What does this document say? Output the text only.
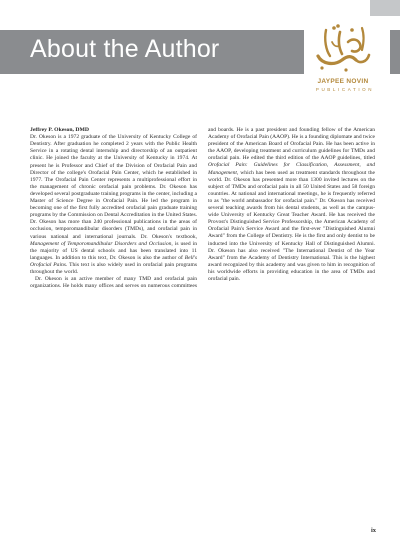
About the Author
JAYPEE NOVIN
PUBLICATION
Jeffrey P. Okeson, DMD

Dr. Okeson is a 1972 graduate of the University of Kentucky College of Dentistry. After graduation he completed 2 years with the Public Health Service in a rotating dental internship and directorship of an outpatient clinic. He joined the faculty at the University of Kentucky in 1974. At present he is Professor and Chief of the Division of Orofacial Pain and Director of the college's Orofacial Pain Center, which he established in 1977. The Orofacial Pain Center represents a multiprofessional effort in the management of chronic orofacial pain problems. Dr. Okeson has developed several postgraduate training programs in the center, including a Master of Science Degree in Orofacial Pain. He led the program in becoming one of the first fully accredited orofacial pain graduate training programs by the Commission on Dental Accreditation in the United States. Dr. Okeson has more than 240 professional publications in the areas of occlusion, temporomandibular disorders (TMDs), and orofacial pain in various national and international journals. Dr. Okeson's textbook, Management of Temporomandibular Disorders and Occlusion, is used in the majority of US dental schools and has been translated into 11 languages. In addition to this text, Dr. Okeson is also the author of Bell's Orofacial Pains. This text is also widely used in orofacial pain programs throughout the world.

Dr. Okeson is an active member of many TMD and orofacial pain organizations. He holds many offices and serves on numerous committees and boards. He is a past president and founding fellow of the American Academy of Orofacial Pain (AAOP). He is a founding diplomate and twice president of the American Board of Orofacial Pain. He has been active in the AAOP, developing treatment and curriculum guidelines for TMDs and orofacial pain. He edited the third edition of the AAOP guidelines, titled Orofacial Pain: Guidelines for Classification, Assessment, and Management, which has been used as treatment standards throughout the world. Dr. Okeson has presented more than 1300 invited lectures on the subject of TMDs and orofacial pain in all 50 United States and 58 foreign countries. At national and international meetings, he is frequently referred to as "the world ambassador for orofacial pain." Dr. Okeson has received several teaching awards from his dental students, as well as the campus-wide University of Kentucky Great Teacher Award. He has received the Provost's Distinguished Service Professorship, the American Academy of Orofacial Pain's Service Award and the first-ever "Distinguished Alumni Award" from the College of Dentistry. He is the first and only dentist to be inducted into the University of Kentucky Hall of Distinguished Alumni. Dr. Okeson has also received "The International Dentist of the Year Award" from the Academy of Dentistry International. This is the highest award recognized by this academy and was given to him in recognition of his worldwide efforts in providing education in the area of TMDs and orofacial pain.

ix
